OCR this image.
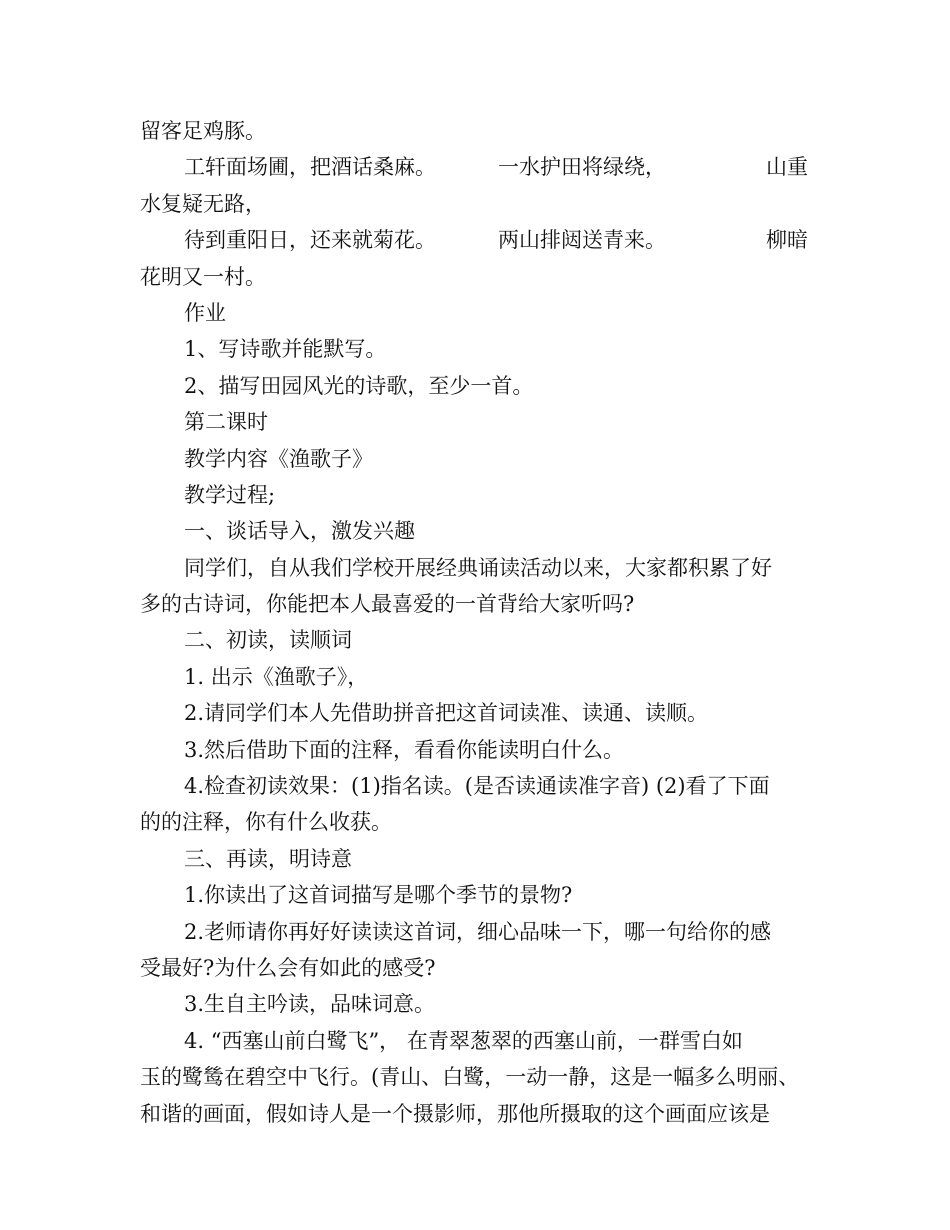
留客足鸡豚。
工轩面场圃，把酒话桑麻。	一水护田将绿绕，	山重
水复疑无路，
待到重阳日，还来就菊花。	两山排闼送青来。	柳暗
花明又一村。
作业
1、写诗歌并能默写。
2、描写田园风光的诗歌，至少一首。
第二课时
教学内容《渔歌子》
教学过程;
一、谈话导入，激发兴趣
同学们，自从我们学校开展经典诵读活动以来，大家都积累了好
多的古诗词，你能把本人最喜爱的一首背给大家听吗?
二、初读，读顺词
1. 出示《渔歌子》，
2.请同学们本人先借助拼音把这首词读准、读通、读顺。
3.然后借助下面的注释，看看你能读明白什么。
4.检查初读效果：(1)指名读。(是否读通读准字音) (2)看了下面
的的注释，你有什么收获。
三、再读，明诗意
1.你读出了这首词描写是哪个季节的景物?
2.老师请你再好好读读这首词，细心品味一下，哪一句给你的感
受最好?为什么会有如此的感受?
3.生自主吟读，品味词意。
4. “西塞山前白鹭飞”， 在青翠葱翠的西塞山前，一群雪白如
玉的鹭鸶在碧空中飞行。(青山、白鹭，一动一静，这是一幅多么明丽、
和谐的画面，假如诗人是一个摄影师，那他所摄取的这个画面应该是
